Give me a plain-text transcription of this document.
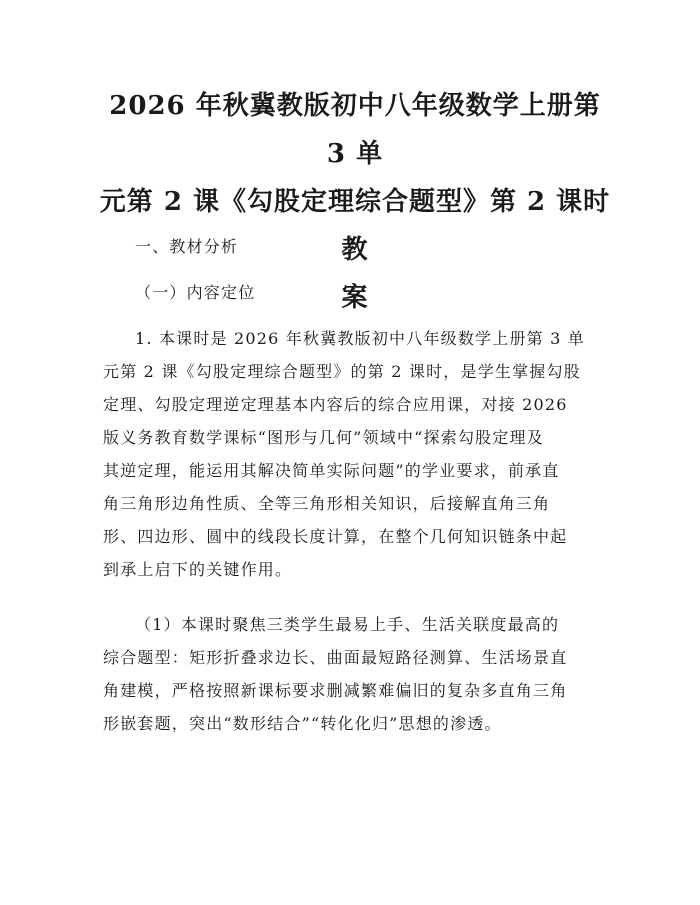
2026 年秋冀教版初中八年级数学上册第 3 单
元第 2 课《勾股定理综合题型》第 2 课时教
案
一、教材分析
（一）内容定位
1. 本课时是 2026 年秋冀教版初中八年级数学上册第 3 单
元第 2 课《勾股定理综合题型》的第 2 课时，是学生掌握勾股
定理、勾股定理逆定理基本内容后的综合应用课，对接 2026
版义务教育数学课标“图形与几何”领域中“探索勾股定理及
其逆定理，能运用其解决简单实际问题”的学业要求，前承直
角三角形边角性质、全等三角形相关知识，后接解直角三角
形、四边形、圆中的线段长度计算，在整个几何知识链条中起
到承上启下的关键作用。
（1）本课时聚焦三类学生最易上手、生活关联度最高的
综合题型：矩形折叠求边长、曲面最短路径测算、生活场景直
角建模，严格按照新课标要求删减繁难偏旧的复杂多直角三角
形嵌套题，突出“数形结合”“转化化归”思想的渗透。
